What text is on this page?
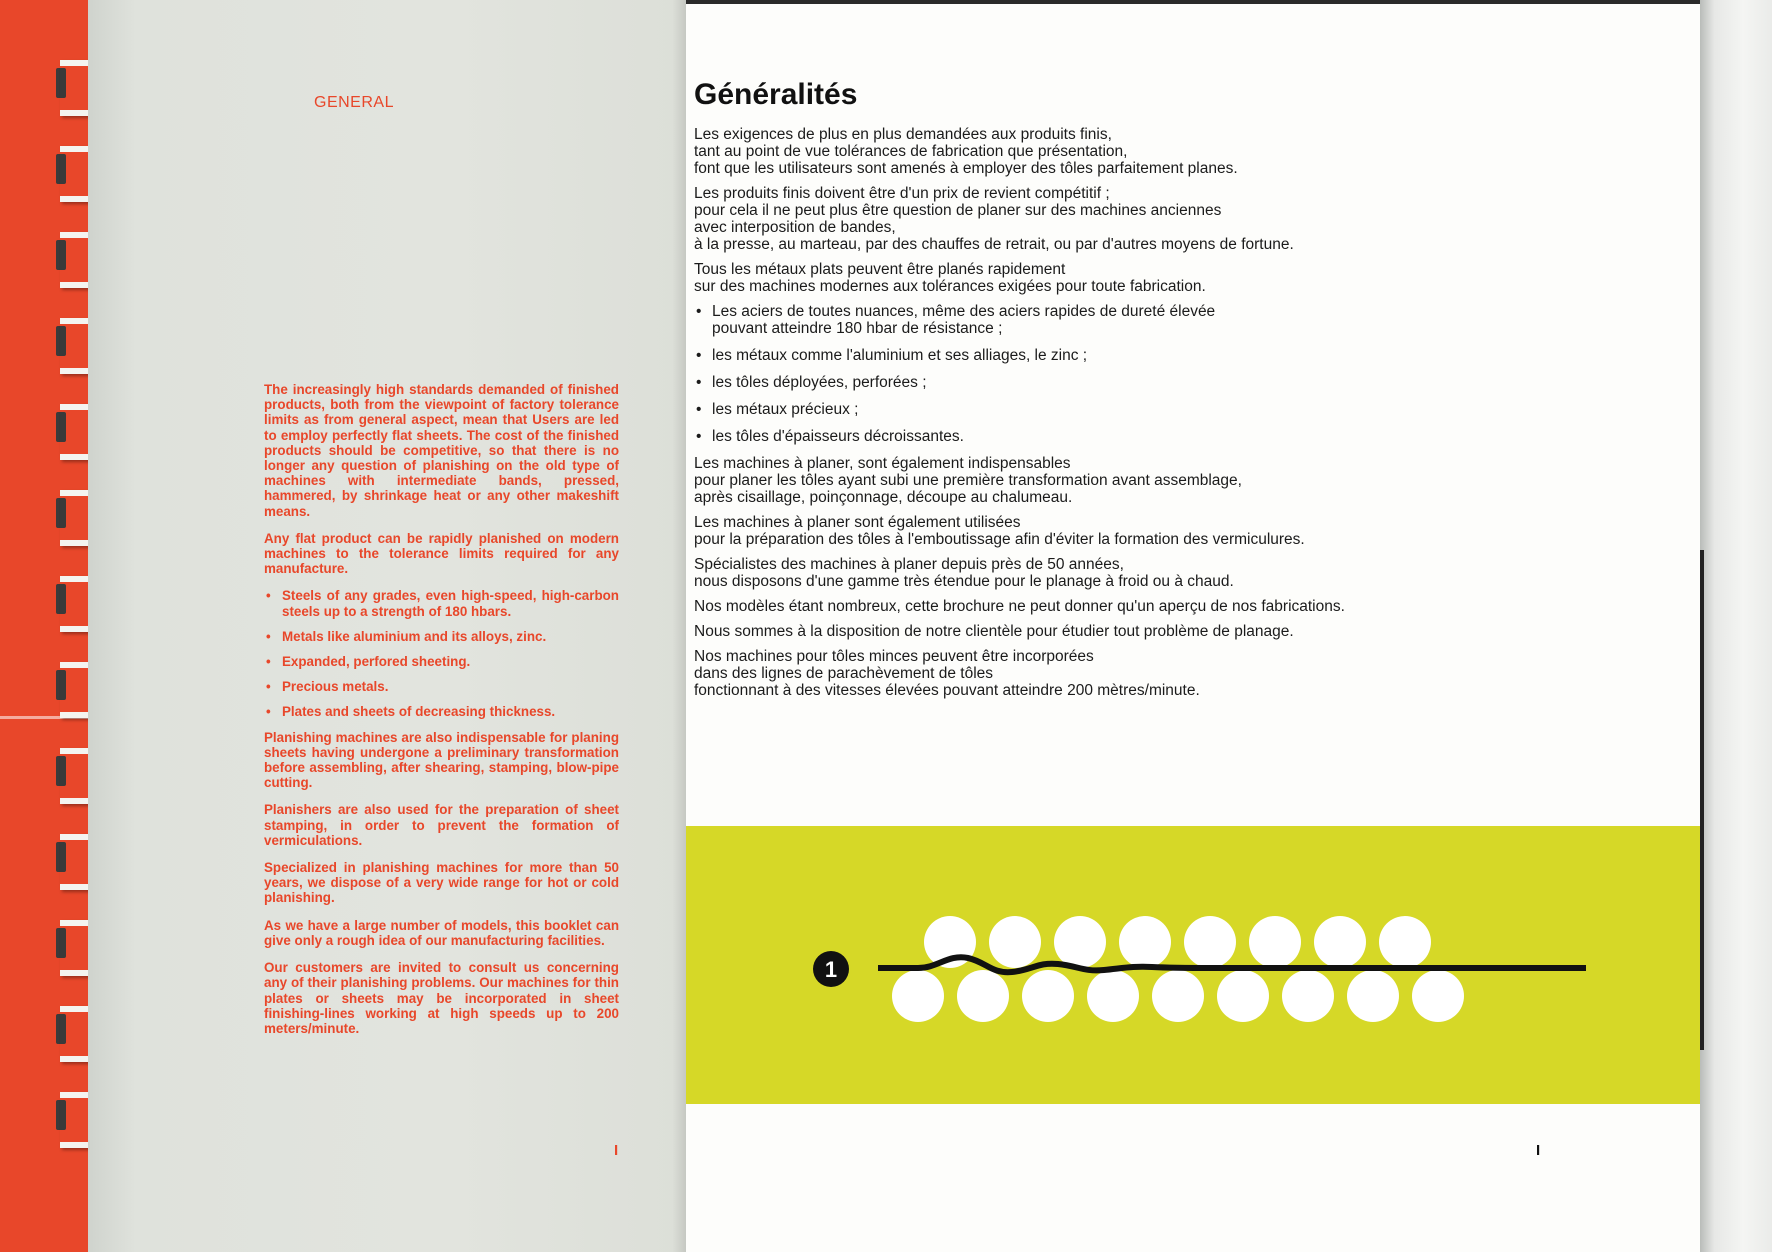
GENERAL

The increasingly high standards demanded of finished products, both from the viewpoint of factory tolerance limits as from general aspect, mean that Users are led to employ perfectly flat sheets. The cost of the finished products should be competitive, so that there is no longer any question of planishing on the old type of machines with intermediate bands, pressed, hammered, by shrinkage heat or any other makeshift means.

Any flat product can be rapidly planished on modern machines to the tolerance limits required for any manufacture.

• Steels of any grades, even high-speed, high-carbon steels up to a strength of 180 hbars.
• Metals like aluminium and its alloys, zinc.
• Expanded, perfored sheeting.
• Precious metals.
• Plates and sheets of decreasing thickness.

Planishing machines are also indispensable for planing sheets having undergone a preliminary transformation before assembling, after shearing, stamping, blow-pipe cutting.

Planishers are also used for the preparation of sheet stamping, in order to prevent the formation of vermiculations.

Specialized in planishing machines for more than 50 years, we dispose of a very wide range for hot or cold planishing.

As we have a large number of models, this booklet can give only a rough idea of our manufacturing facilities.

Our customers are invited to consult us concerning any of their planishing problems. Our machines for thin plates or sheets may be incorporated in sheet finishing-lines working at high speeds up to 200 meters/minute.

I
Généralités

Les exigences de plus en plus demandées aux produits finis,
tant au point de vue tolérances de fabrication que présentation,
font que les utilisateurs sont amenés à employer des tôles parfaitement planes.

Les produits finis doivent être d'un prix de revient compétitif ;
pour cela il ne peut plus être question de planer sur des machines anciennes
avec interposition de bandes,
à la presse, au marteau, par des chauffes de retrait, ou par d'autres moyens de fortune.

Tous les métaux plats peuvent être planés rapidement
sur des machines modernes aux tolérances exigées pour toute fabrication.

• Les aciers de toutes nuances, même des aciers rapides de dureté élevée
pouvant atteindre 180 hbar de résistance ;
• les métaux comme l'aluminium et ses alliages, le zinc ;
• les tôles déployées, perforées ;
• les métaux précieux ;
• les tôles d'épaisseurs décroissantes.

Les machines à planer, sont également indispensables
pour planer les tôles ayant subi une première transformation avant assemblage,
après cisaillage, poinçonnage, découpe au chalumeau.

Les machines à planer sont également utilisées
pour la préparation des tôles à l'emboutissage afin d'éviter la formation des vermiculures.

Spécialistes des machines à planer depuis près de 50 années,
nous disposons d'une gamme très étendue pour le planage à froid ou à chaud.

Nos modèles étant nombreux, cette brochure ne peut donner qu'un aperçu de nos fabrications.

Nous sommes à la disposition de notre clientèle pour étudier tout problème de planage.

Nos machines pour tôles minces peuvent être incorporées
dans des lignes de parachèvement de tôles
fonctionnant à des vitesses élevées pouvant atteindre 200 mètres/minute.

1
I
